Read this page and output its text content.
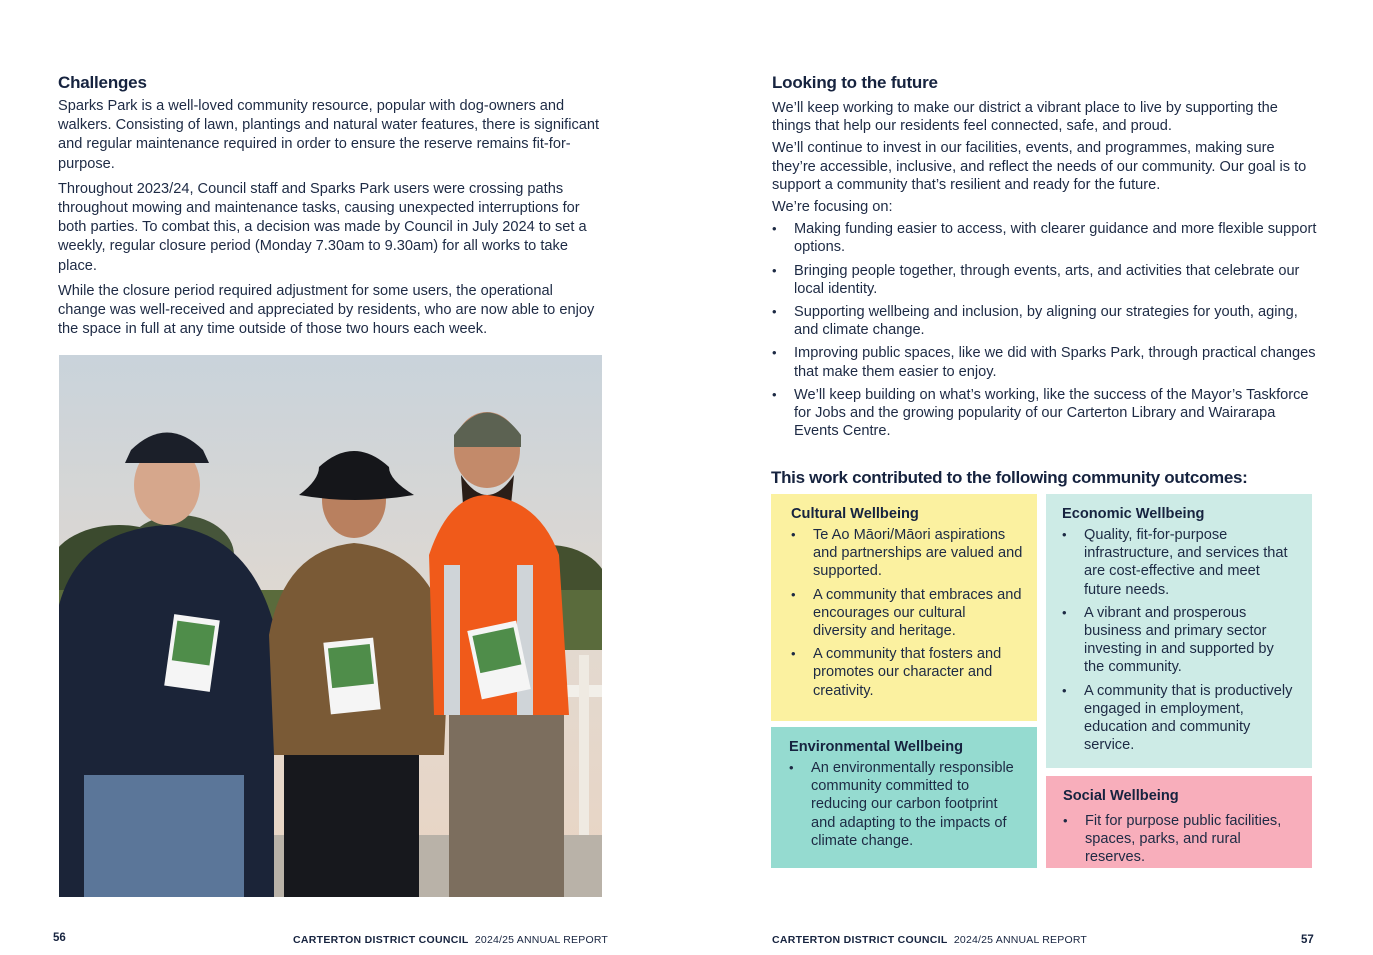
Challenges

Sparks Park is a well-loved community resource, popular with dog-owners and walkers. Consisting of lawn, plantings and natural water features, there is significant and regular maintenance required in order to ensure the reserve remains fit-for-purpose.

Throughout 2023/24, Council staff and Sparks Park users were crossing paths throughout mowing and maintenance tasks, causing unexpected interruptions for both parties. To combat this, a decision was made by Council in July 2024 to set a weekly, regular closure period (Monday 7.30am to 9.30am) for all works to take place.

While the closure period required adjustment for some users, the operational change was well-received and appreciated by residents, who are now able to enjoy the space in full at any time outside of those two hours each week.

56	CARTERTON DISTRICT COUNCIL 2024/25 ANNUAL REPORT
Looking to the future

We’ll keep working to make our district a vibrant place to live by supporting the things that help our residents feel connected, safe, and proud.

We’ll continue to invest in our facilities, events, and programmes, making sure they’re accessible, inclusive, and reflect the needs of our community. Our goal is to support a community that’s resilient and ready for the future.

We’re focusing on:

• Making funding easier to access, with clearer guidance and more flexible support options.
• Bringing people together, through events, arts, and activities that celebrate our local identity.
• Supporting wellbeing and inclusion, by aligning our strategies for youth, aging, and climate change.
• Improving public spaces, like we did with Sparks Park, through practical changes that make them easier to enjoy.
• We’ll keep building on what’s working, like the success of the Mayor’s Taskforce for Jobs and the growing popularity of our Carterton Library and Wairarapa Events Centre.
This work contributed to the following community outcomes:
Cultural Wellbeing
• Te Ao Māori/Māori aspirations and partnerships are valued and supported.
• A community that embraces and encourages our cultural diversity and heritage.
• A community that fosters and promotes our character and creativity.
Environmental Wellbeing
• An environmentally responsible community committed to reducing our carbon footprint and adapting to the impacts of climate change.
Economic Wellbeing
• Quality, fit-for-purpose infrastructure, and services that are cost-effective and meet future needs.
• A vibrant and prosperous business and primary sector investing in and supported by the community.
• A community that is productively engaged in employment, education and community service.
Social Wellbeing
• Fit for purpose public facilities, spaces, parks, and rural reserves.
CARTERTON DISTRICT COUNCIL 2024/25 ANNUAL REPORT	57
